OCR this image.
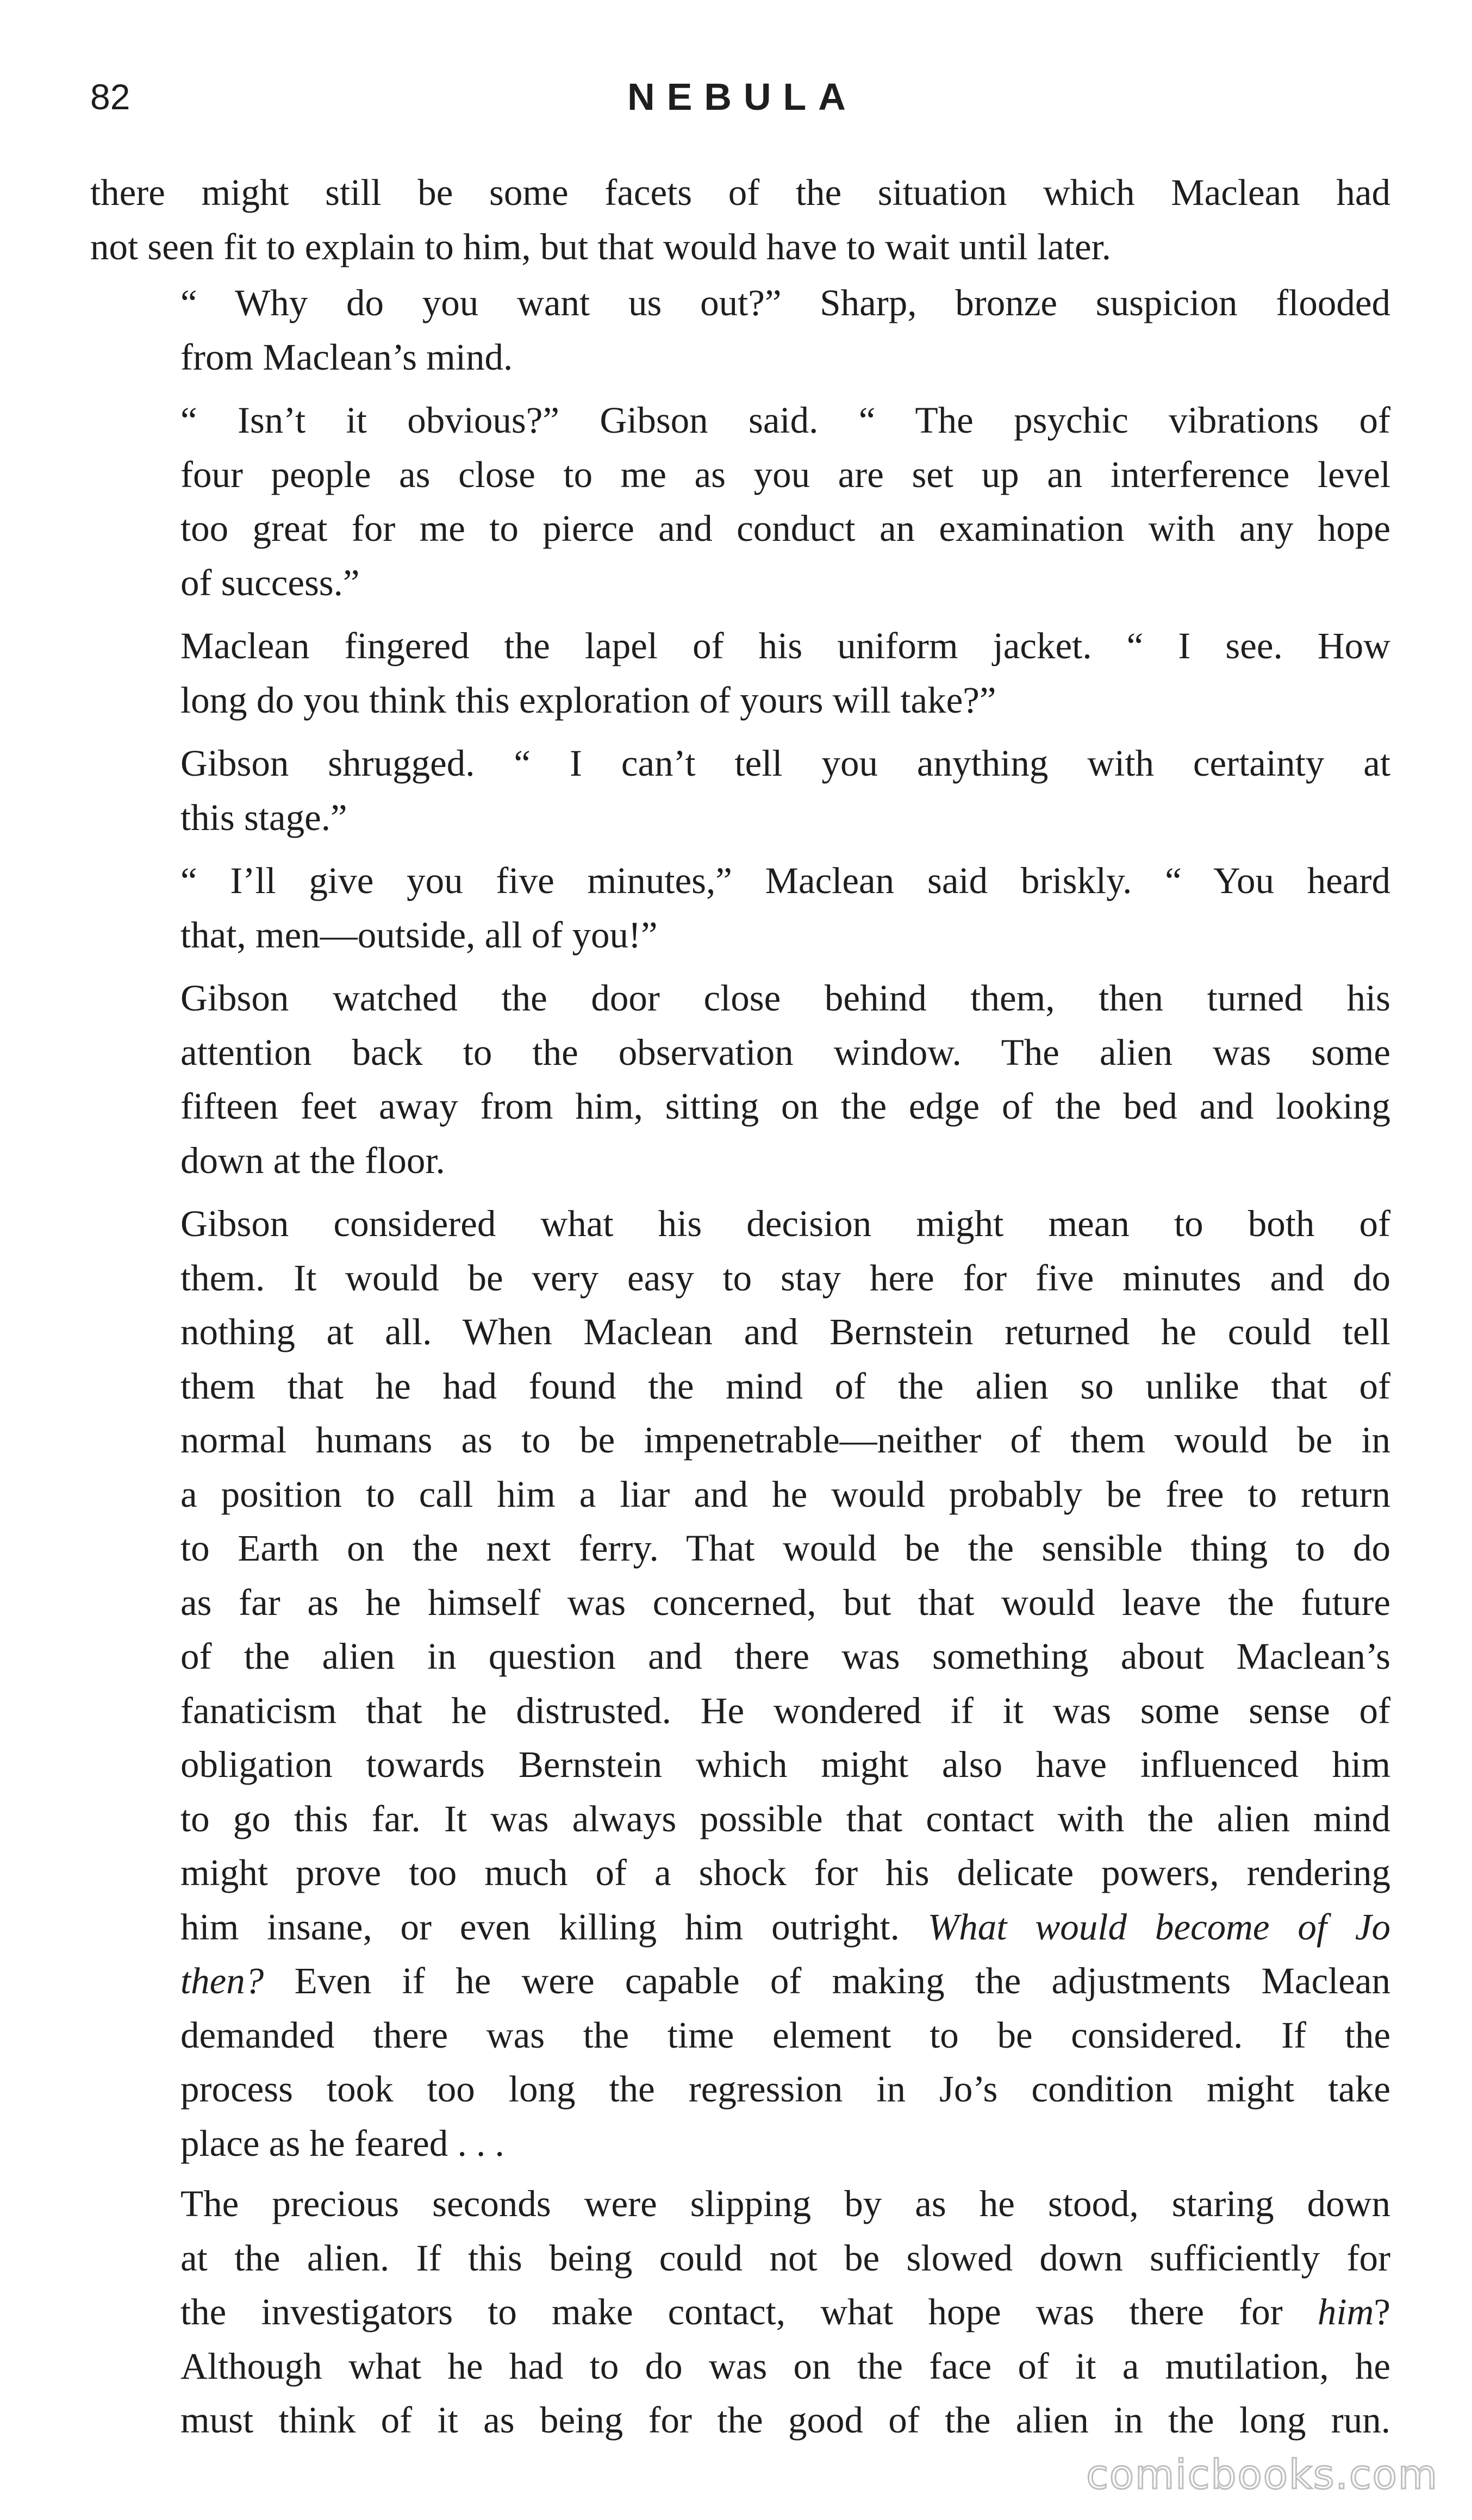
82	NEBULA

there might still be some facets of the situation which Maclean had
not seen fit to explain to him, but that would have to wait until later.

“ Why do you want us out?” Sharp, bronze suspicion flooded
from Maclean’s mind.

“ Isn’t it obvious?” Gibson said. “ The psychic vibrations of
four people as close to me as you are set up an interference level
too great for me to pierce and conduct an examination with any hope
of success.”

Maclean fingered the lapel of his uniform jacket. “ I see. How
long do you think this exploration of yours will take?”

Gibson shrugged. “ I can’t tell you anything with certainty at
this stage.”

“ I’ll give you five minutes,” Maclean said briskly. “ You heard
that, men—outside, all of you!”

Gibson watched the door close behind them, then turned his
attention back to the observation window. The alien was some
fifteen feet away from him, sitting on the edge of the bed and looking
down at the floor.

Gibson considered what his decision might mean to both of
them. It would be very easy to stay here for five minutes and do
nothing at all. When Maclean and Bernstein returned he could tell
them that he had found the mind of the alien so unlike that of
normal humans as to be impenetrable—neither of them would be in
a position to call him a liar and he would probably be free to return
to Earth on the next ferry. That would be the sensible thing to do
as far as he himself was concerned, but that would leave the future
of the alien in question and there was something about Maclean’s
fanaticism that he distrusted. He wondered if it was some sense of
obligation towards Bernstein which might also have influenced him
to go this far. It was always possible that contact with the alien mind
might prove too much of a shock for his delicate powers, rendering
him insane, or even killing him outright. What would become of Jo
then? Even if he were capable of making the adjustments Maclean
demanded there was the time element to be considered. If the
process took too long the regression in Jo’s condition might take
place as he feared . . .

The precious seconds were slipping by as he stood, staring down
at the alien. If this being could not be slowed down sufficiently for
the investigators to make contact, what hope was there for him?
Although what he had to do was on the face of it a mutilation, he
must think of it as being for the good of the alien in the long run.

comicbooks.com
